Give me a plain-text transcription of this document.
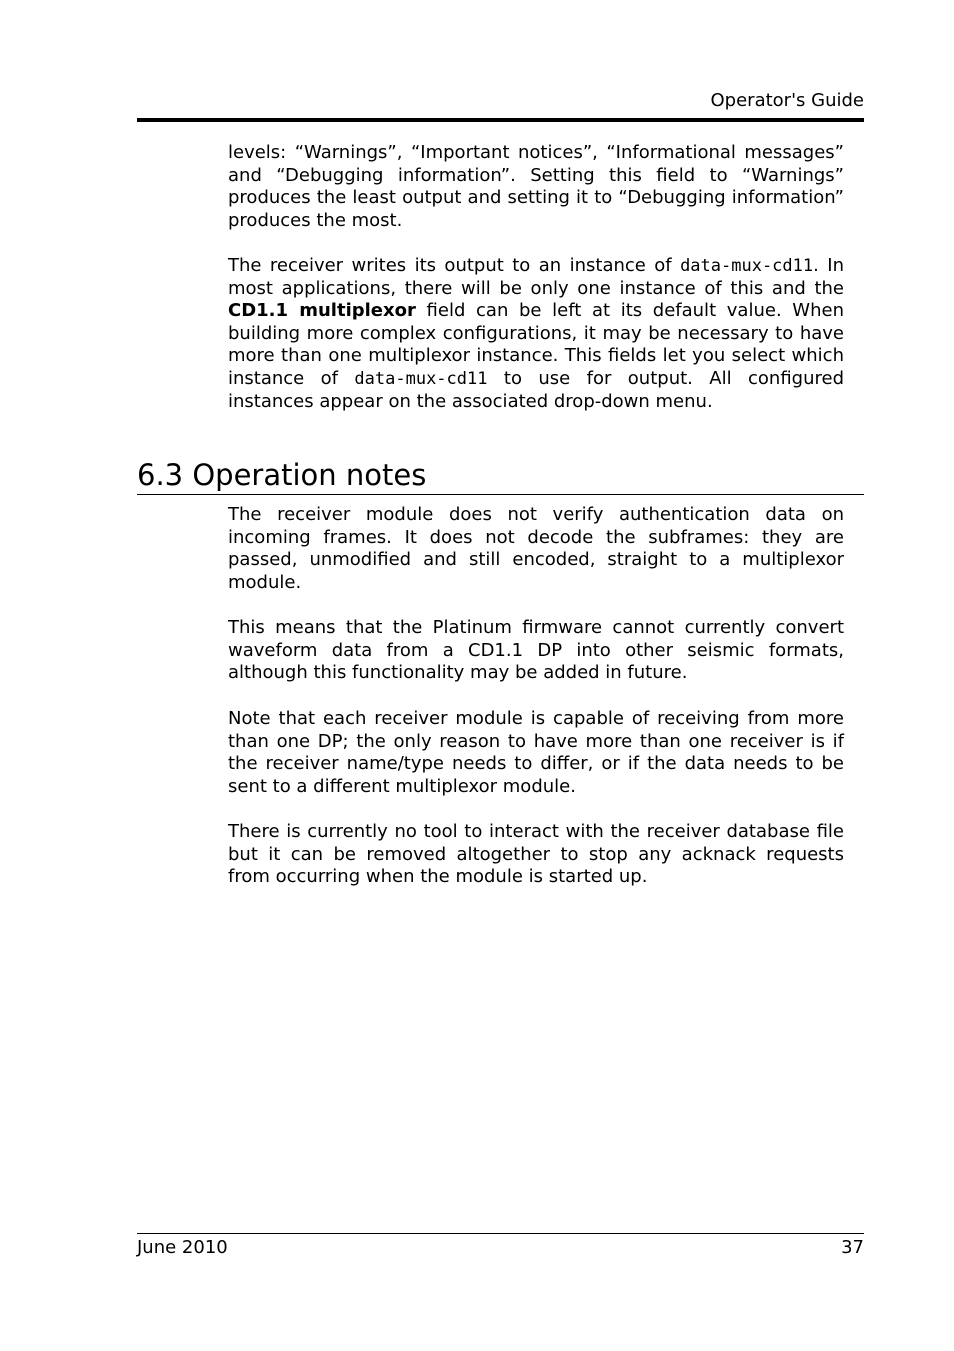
Operator's Guide

levels: “Warnings”, “Important notices”, “Informational messages” and “Debugging information”. Setting this field to “Warnings” produces the least output and setting it to “Debugging information” produces the most.

The receiver writes its output to an instance of data-mux-cd11. In most applications, there will be only one instance of this and the CD1.1 multiplexor field can be left at its default value. When building more complex configurations, it may be necessary to have more than one multiplexor instance. This fields let you select which instance of data-mux-cd11 to use for output. All configured instances appear on the associated drop-down menu.

6.3 Operation notes

The receiver module does not verify authentication data on incoming frames. It does not decode the subframes: they are passed, unmodified and still encoded, straight to a multiplexor module.

This means that the Platinum firmware cannot currently convert waveform data from a CD1.1 DP into other seismic formats, although this functionality may be added in future.

Note that each receiver module is capable of receiving from more than one DP; the only reason to have more than one receiver is if the receiver name/type needs to differ, or if the data needs to be sent to a different multiplexor module.

There is currently no tool to interact with the receiver database file but it can be removed altogether to stop any acknack requests from occurring when the module is started up.

June 2010	37
